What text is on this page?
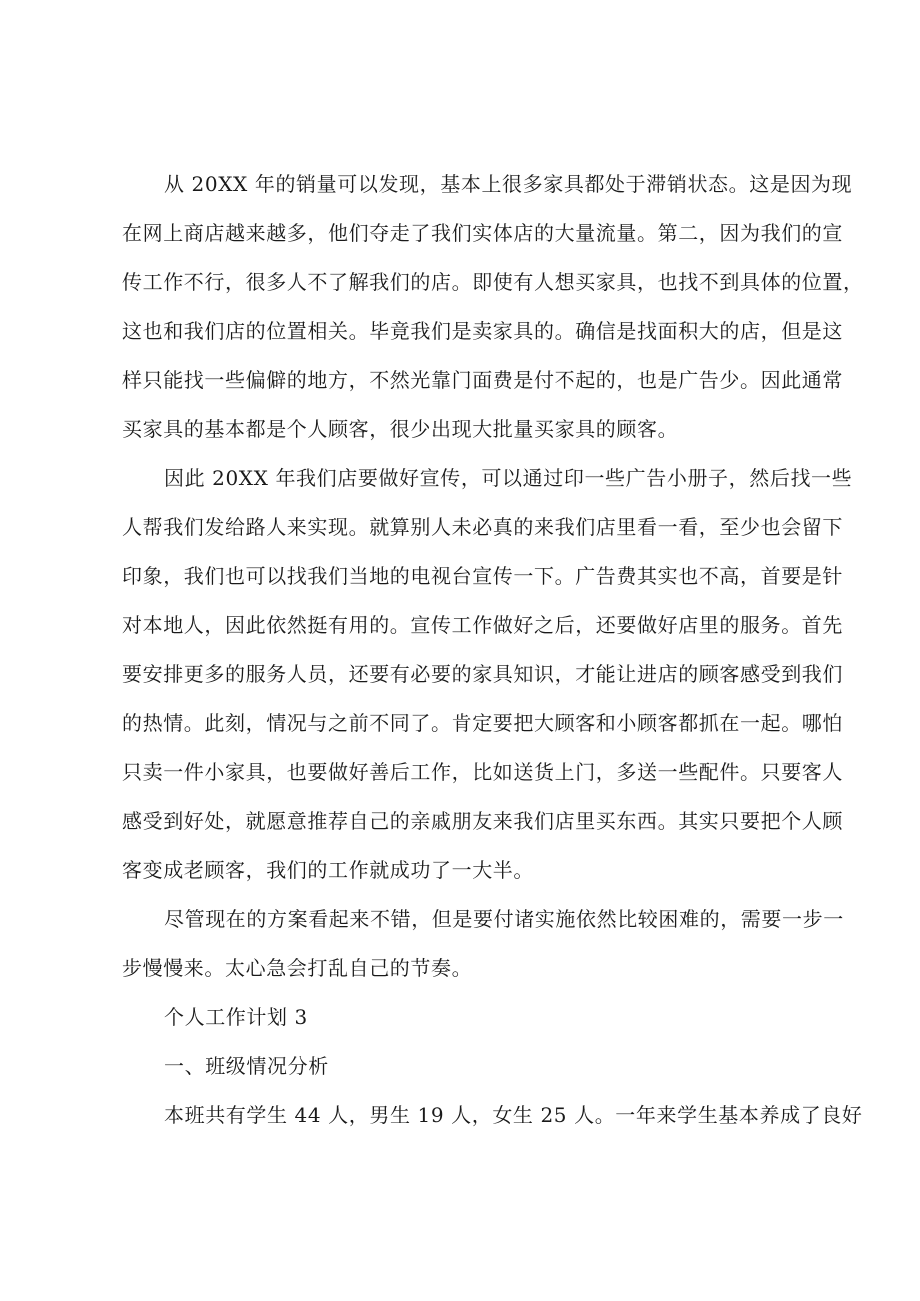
从 20XX 年的销量可以发现，基本上很多家具都处于滞销状态。这是因为现
在网上商店越来越多，他们夺走了我们实体店的大量流量。第二，因为我们的宣
传工作不行，很多人不了解我们的店。即使有人想买家具，也找不到具体的位置，
这也和我们店的位置相关。毕竟我们是卖家具的。确信是找面积大的店，但是这
样只能找一些偏僻的地方，不然光靠门面费是付不起的，也是广告少。因此通常
买家具的基本都是个人顾客，很少出现大批量买家具的顾客。
因此 20XX 年我们店要做好宣传，可以通过印一些广告小册子，然后找一些
人帮我们发给路人来实现。就算别人未必真的来我们店里看一看，至少也会留下
印象，我们也可以找我们当地的电视台宣传一下。广告费其实也不高，首要是针
对本地人，因此依然挺有用的。宣传工作做好之后，还要做好店里的服务。首先
要安排更多的服务人员，还要有必要的家具知识，才能让进店的顾客感受到我们
的热情。此刻，情况与之前不同了。肯定要把大顾客和小顾客都抓在一起。哪怕
只卖一件小家具，也要做好善后工作，比如送货上门，多送一些配件。只要客人
感受到好处，就愿意推荐自己的亲戚朋友来我们店里买东西。其实只要把个人顾
客变成老顾客，我们的工作就成功了一大半。
尽管现在的方案看起来不错，但是要付诸实施依然比较困难的，需要一步一
步慢慢来。太心急会打乱自己的节奏。
个人工作计划 3
一、班级情况分析
本班共有学生 44 人，男生 19 人，女生 25 人。一年来学生基本养成了良好
